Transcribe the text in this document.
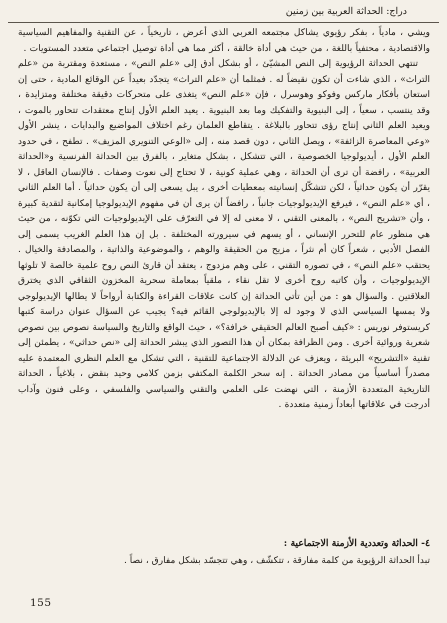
دراج: الحداثة العربية بين زمنين

ويشي ، مادياً ، بفكر رؤيوي يشاكل مجتمعه العربي الذي أعرض ، تاريخياً ، عن التقنية والمفاهيم السياسية والاقتصادية ، محتفياً باللغة ، من حيث هي أداة خالقة ، أكثر مما هي أداة توصيل اجتماعي متعدد المستويات .

تنتهي الحداثة الرؤيوية إلى النص المشيّئ ، أو بشكل أدق إلى «علم النص» ، مستعدة ومقتربة من «علم التراث» ، الذي شاءت أن تكون نقيضاً له . فمثلما أن «علم التراث» يتجدّد بعيداً عن الوقائع المادية ، حتى إن استعان بأفكار ماركس وفوكو وهوسرل ، فإن «علم النص» يتغذى على متحركات دقيقة مختلفة ومتزايدة ، وقد ينتسب ، سعياً ، إلى البنيوية والتفكيك وما بعد البنيوية . يعيد العلم الأول إنتاج معتقدات تتحاور بالموت ، ويعيد العلم الثاني إنتاج رؤى تتحاور بالبلاغة . يتقاطع العلمان رغم اختلاف المواضيع والبدايات ، ينشر الأول «وعي المعاصرة الزائفة» ، ويصل الثاني ، دون قصد منه ، إلى «الوعي التنويري المزيف» . تطفح ، في حدود العلم الأول ، أيديولوجيا الخصوصية ، التي تتشكل ، بشكل متغاير ، بالفرق بين الحداثة الفرنسية و«الحداثة العربية» ، رافضة أن ترى أن الحداثة ، وهي عملية كونية ، لا تحتاج إلى نعوت وصفات . فالإنسان العاقل ، لا يقرّر أن يكون حداثياً ، لكن تتشكّل إنسانيته بمعطيات أخرى ، يبل يسعى إلى أن يكون حداثياً . أما العلم الثاني ، أي «علم النص» ، فيرفع الإيديولوجيات جانباً ، رافضاً أن يرى أن في مفهوم الإيديولوجيا إمكانية لتقدية كبيرة ، وأن «تشريح النص» ، بالمعنى التقني ، لا معنى له إلا في التعرّف على الإيديولوجيات التي تكوّنه ، من حيث هي منظور عام للتحرر الإنساني ، أو يسهم في سيرورته المختلفة . بل إن هذا العلم الغريب يسمى إلى الفصل الأدبي ، شعراً كان أم نثراً ، مزيح من الحقيقة والوهم ، والموضوعية والذاتية ، والمصادفة والخيال . يحتقب «علم النص» ، في تصوره التقني ، على وهم مزدوج ، يعتقد أن قارئ النص روح علمية خالصة لا تلوثها الإيديولوجيات ، وأن كاتبه روح أخرى لا تقل نقاء ، ملقياً بمعاملة سحرية المخزون الثقافي الذي يخترق العلاقتين . والسؤال هو : من أين تأتي الحداثة إن كانت علاقات القراءة والكتابة أرواحاً لا يطالها الإيديولوجي ولا يمسها السياسي الذي لا وجود له إلا بالإيديولوجي القائم فيه؟ يجيب عن السؤال عنوان دراسة كتبها كريستوفر نوريس : «كيف أصبح العالم الحقيقي خرافة؟» ، حيث الواقع والتاريخ والسياسة نصوص بين نصوص شعرية وروائية أخرى . ومن الظرافة بمكان أن هذا التصور الذي يبشر الحداثة إلى «نص حداثي» ، يطمئن إلى تقنية «التشريح» البريئة ، ويعزف عن الدلالة الاجتماعية للتقنية ، التي تشكل مع العلم النظري المعتمدة عليه مصدراً أساسياً من مصادر الحداثة . إنه سحر الكلمة المكتفي بزمن كلامي وحيد بنقض ، بلاغياً ، الحداثة التاريخية المتعددة الأزمنة ، التي نهضت على العلمي والتقني والسياسي والفلسفي ، وعلى فنون وآداب أدرجت في علاقاتها أبعاداً زمنية متعددة .

٤- الحداثة وتعددية الأزمنة الاجتماعية :
تبدأ الحداثة الرؤيوية من كلمة مفارقة ، تتكشّف ، وهي تتجسّد بشكل مفارق ، نصاً .
155
